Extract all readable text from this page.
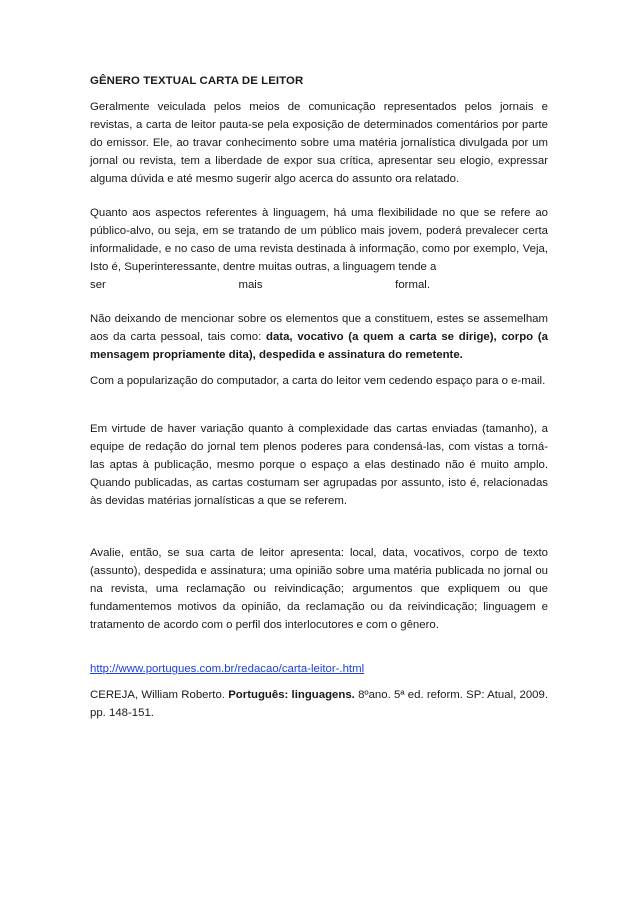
GÊNERO TEXTUAL CARTA DE LEITOR

Geralmente veiculada pelos meios de comunicação representados pelos jornais e revistas, a carta de leitor pauta-se pela exposição de determinados comentários por parte do emissor. Ele, ao travar conhecimento sobre uma matéria jornalística divulgada por um jornal ou revista, tem a liberdade de expor sua crítica, apresentar seu elogio, expressar alguma dúvida e até mesmo sugerir algo acerca do assunto ora relatado.

Quanto aos aspectos referentes à linguagem, há uma flexibilidade no que se refere ao público-alvo, ou seja, em se tratando de um público mais jovem, poderá prevalecer certa informalidade, e no caso de uma revista destinada à informação, como por exemplo, Veja, Isto é, Superinteressante, dentre muitas outras, a linguagem tende a

ser	mais	formal.

Não deixando de mencionar sobre os elementos que a constituem, estes se assemelham aos da carta pessoal, tais como: data, vocativo (a quem a carta se dirige), corpo (a mensagem propriamente dita), despedida e assinatura do remetente.

Com a popularização do computador, a carta do leitor vem cedendo espaço para o e-mail.

Em virtude de haver variação quanto à complexidade das cartas enviadas (tamanho), a equipe de redação do jornal tem plenos poderes para condensá-las, com vistas a torná-las aptas à publicação, mesmo porque o espaço a elas destinado não é muito amplo. Quando publicadas, as cartas costumam ser agrupadas por assunto, isto é, relacionadas às devidas matérias jornalísticas a que se referem.

Avalie, então, se sua carta de leitor apresenta: local, data, vocativos, corpo de texto (assunto), despedida e assinatura; uma opinião sobre uma matéria publicada no jornal ou na revista, uma reclamação ou reivindicação; argumentos que expliquem ou que fundamentemos motivos da opinião, da reclamação ou da reivindicação; linguagem e tratamento de acordo com o perfil dos interlocutores e com o gênero.

http://www.portugues.com.br/redacao/carta-leitor-.html

CEREJA, William Roberto. Português: linguagens. 8ºano. 5ª ed. reform. SP: Atual, 2009. pp. 148-151.
